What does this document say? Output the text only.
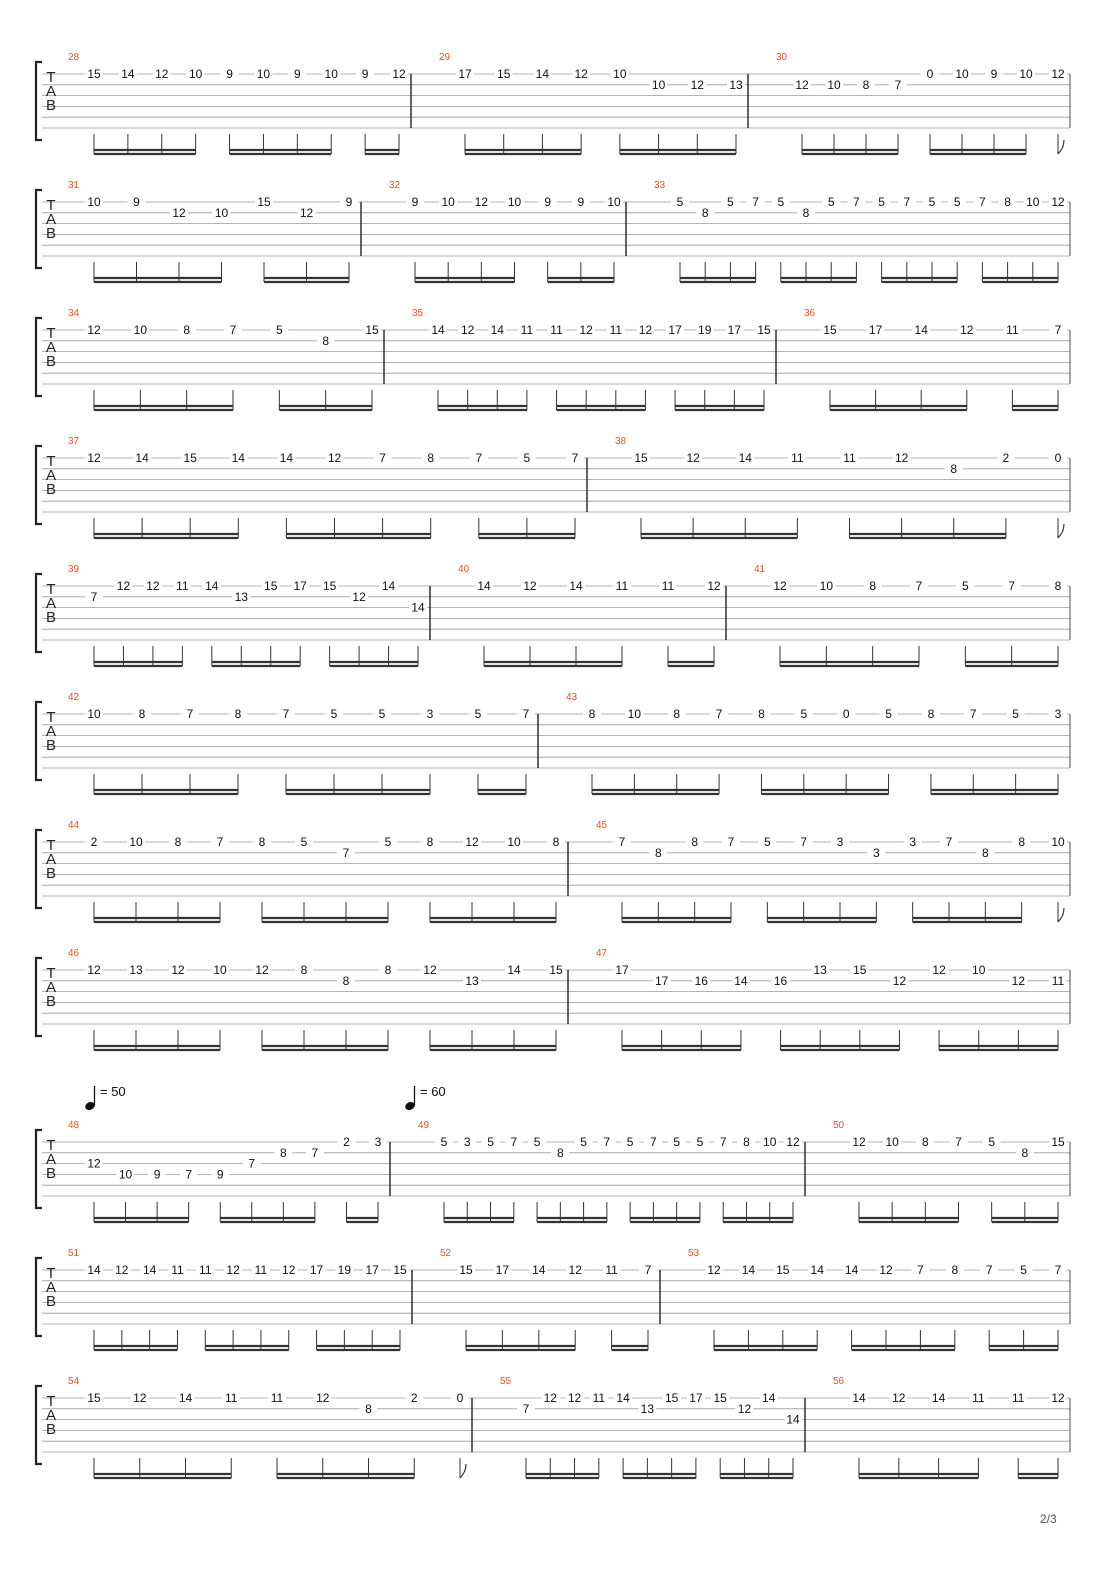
T
A
B
28
15 14 12 10 9 10 9 10 9 12
29
17 15 14 12 10
10 12 13
30
12 10 8 7
0 10 9 10 12
T
A
B
31
10	9
12 10
15
12
9
32
9 10 12 10 9 9 10
33
5
8
5 7 5
8
5 7 5 7 5 5 7 8 10 12
T
A
B
34
12	10	8	7	5
8
15
35
14 12 14 11 11 12 11 12 17 19 17 15
36
15	17	14	12	11	7
T
A
B
37
12	14	15	14	14	12	7	8	7	5	7
38
15	12	14	11	11	12
8
2	0
T
A
B
39
7
12 12 11 14
13
15 17 15
12
14
14
40
14	12	14	11	11	12
41
12	10	8	7	5	7	8
T
A
B
42
10	8	7	8	7	5	5	3	5	7
43
8	10	8	7	8	5	0	5	8	7	5	3
T
A
B
44
2	10	8	7	8	5
7
5	8	12 10	8
45
7
8
8 7 5 7 3
3
3 7
8
8 10
T
A
B
46
12 13 12 10 12	8
8
8	12
13
14 15
47
17
17 16 14 16
13 15
12
12 10
12 11
T
A
B
48
12
10 9 7 9
7
8 7
2 3
49
5 3 5 7 5
8
5 7 5 7 5 5 7 8 10 12
50
12 10 8 7 5
8
15
T
A
B
51
14 12 14 11 11 12 11 12 17 19 17 15
52
15 17 14 12 11 7
53
12 14 15 14 14 12 7 8 7 5 7
T
A
B
54
15	12	14	11	11	12
8
2	0
55
7
12 12 11 14
13
15 17 15
12
14
14
56
14 12 14 11 11 12
= 50	= 60
2/3
